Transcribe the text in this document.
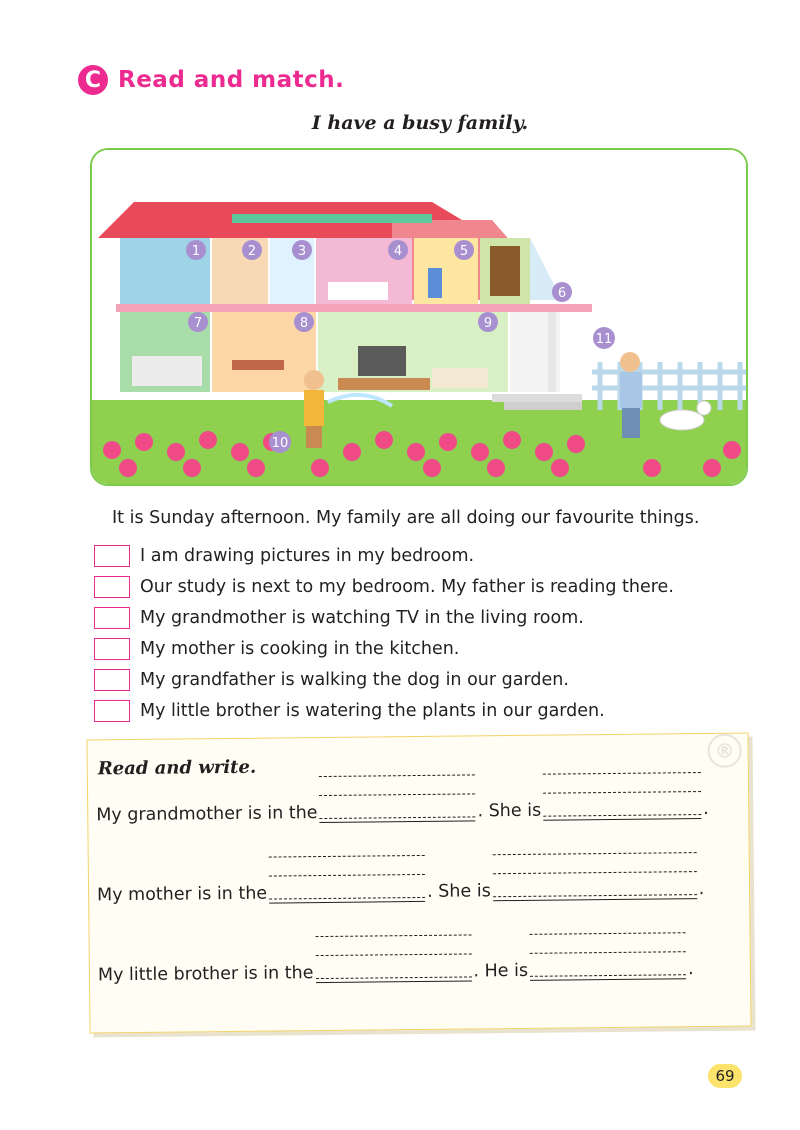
C Read and match.
I have a busy family.
1	2	3	4	5
6
7	8	9
10
11
It is Sunday afternoon. My family are all doing our favourite things.
I am drawing pictures in my bedroom.
Our study is next to my bedroom. My father is reading there.
My grandmother is watching TV in the living room.
My mother is cooking in the kitchen.
My grandfather is walking the dog in our garden.
My little brother is watering the plants in our garden.
®
Read and write.
My grandmother is in the	. She is	.
My mother is in the	. She is	.
My little brother is in the	. He is	.
69
